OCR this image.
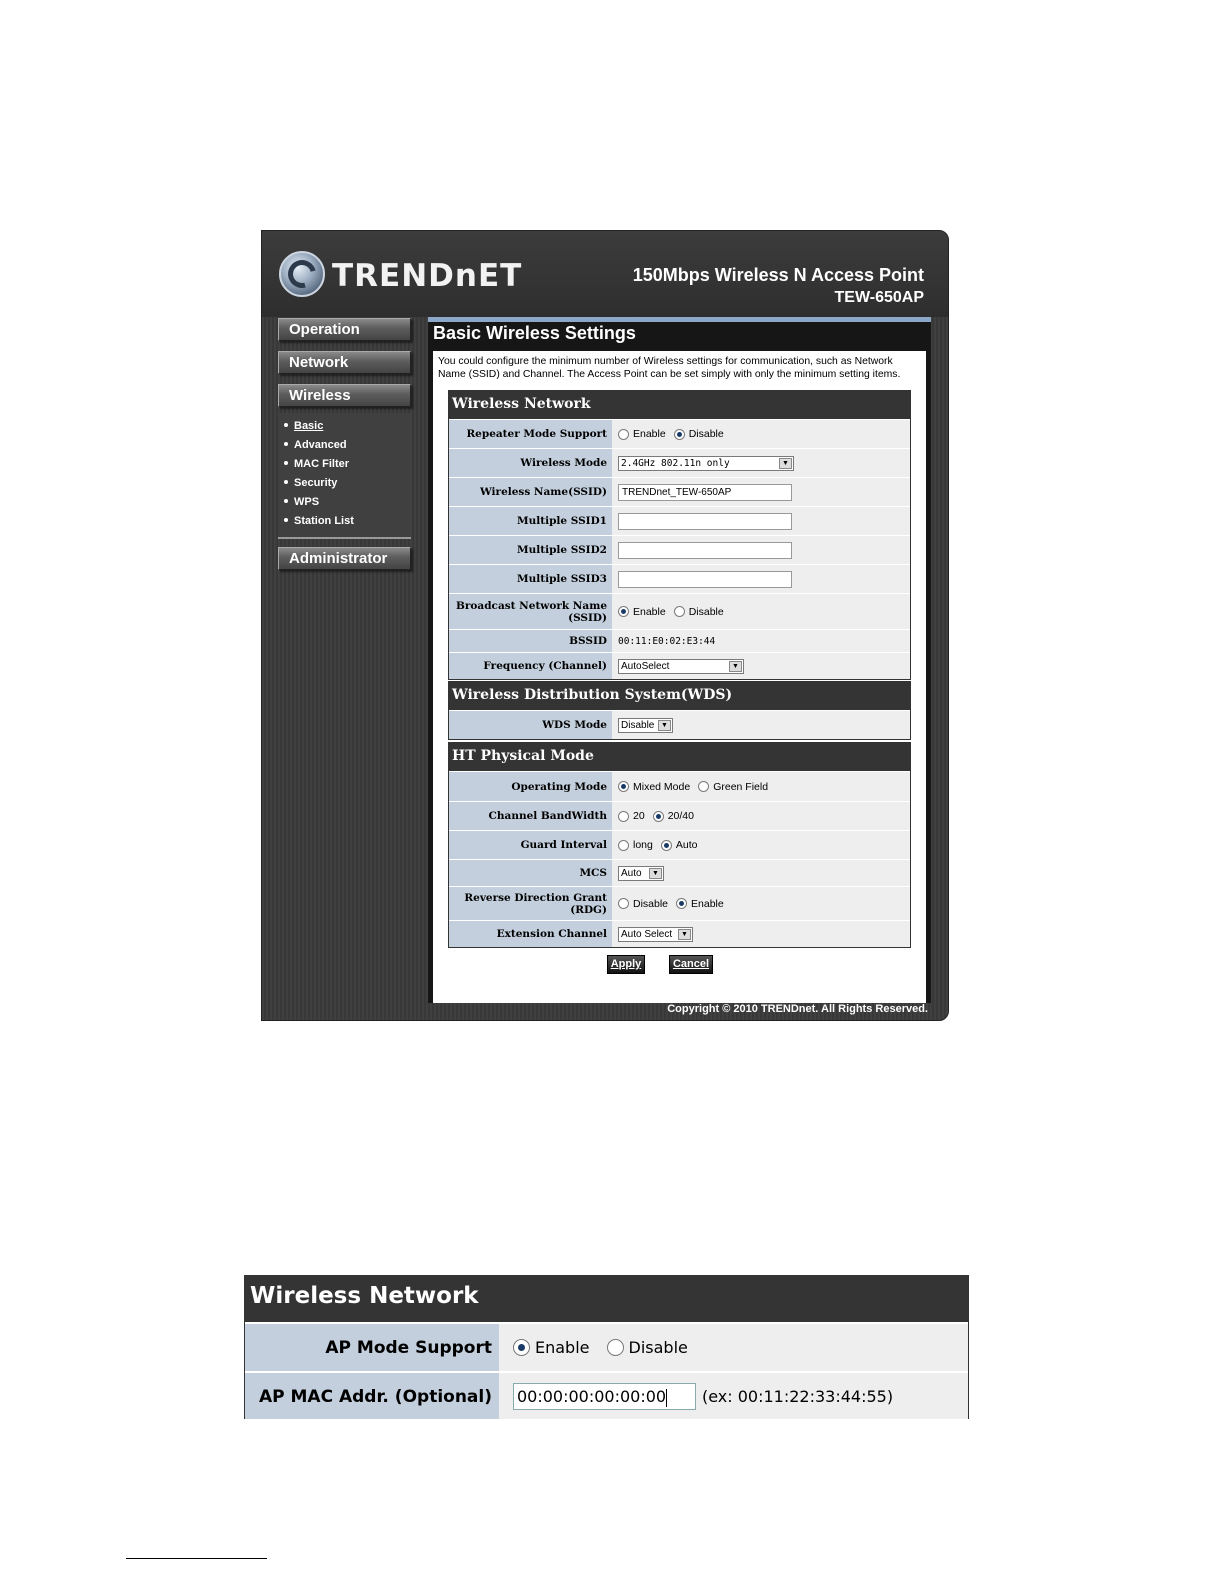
TRENDnET	150Mbps Wireless N Access Point
TEW-650AP
Operation
Network
Wireless
Basic
Advanced
MAC Filter
Security
WPS
Station List
Administrator
Basic Wireless Settings
You could configure the minimum number of Wireless settings for communication, such as Network Name (SSID) and Channel. The Access Point can be set simply with only the minimum setting items.
Wireless Network
Repeater Mode Support	Enable Disable
Wireless Mode	2.4GHz 802.11n only	▼
Wireless Name(SSID)	TRENDnet_TEW-650AP
Multiple SSID1
Multiple SSID2
Multiple SSID3
Broadcast Network Name (SSID)	Enable Disable
BSSID	00:11:E0:02:E3:44
Frequency (Channel)	AutoSelect	▼
Wireless Distribution System(WDS)
WDS Mode	Disable ▼
HT Physical Mode
Operating Mode	Mixed Mode Green Field
Channel BandWidth	20 20/40
Guard Interval	long Auto
MCS	Auto	▼
Reverse Direction Grant (RDG)	Disable Enable
Extension Channel	Auto Select	▼
Apply	Cancel
Copyright © 2010 TRENDnet. All Rights Reserved.
Wireless Network
AP Mode Support	Enable Disable
AP MAC Addr. (Optional)	00:00:00:00:00:00	(ex: 00:11:22:33:44:55)
